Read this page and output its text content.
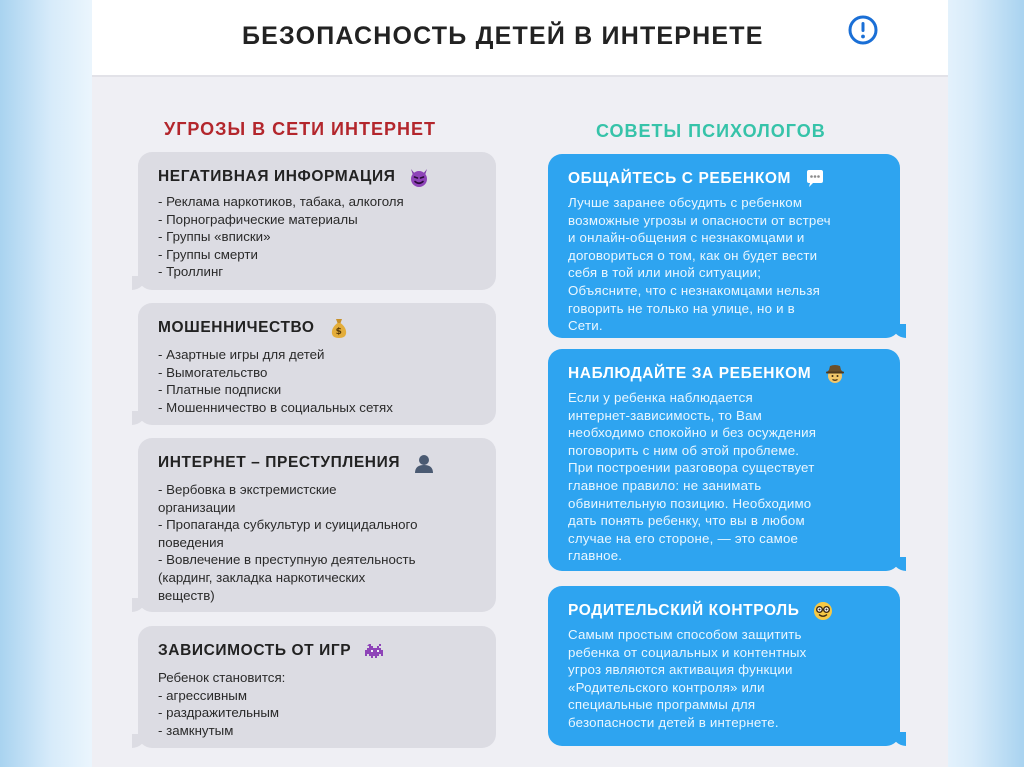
БЕЗОПАСНОСТЬ ДЕТЕЙ В ИНТЕРНЕТЕ
УГРОЗЫ В СЕТИ ИНТЕРНЕТ	СОВЕТЫ ПСИХОЛОГОВ
НЕГАТИВНАЯ ИНФОРМАЦИЯ
- Реклама наркотиков, табака, алкоголя
- Порнографические материалы
- Группы «вписки»
- Группы смерти
- Троллинг
МОШЕННИЧЕСТВО $
- Азартные игры для детей
- Вымогательство
- Платные подписки
- Мошенничество в социальных сетях
ИНТЕРНЕТ – ПРЕСТУПЛЕНИЯ
- Вербовка в экстремистские
организации
- Пропаганда субкультур и суицидального
поведения
- Вовлечение в преступную деятельность
(кардинг, закладка наркотических
веществ)
ЗАВИСИМОСТЬ ОТ ИГР
Ребенок становится:
- агрессивным
- раздражительным
- замкнутым
ОБЩАЙТЕСЬ С РЕБЕНКОМ
Лучше заранее обсудить с ребенком
возможные угрозы и опасности от встреч
и онлайн-общения с незнакомцами и
договориться о том, как он будет вести
себя в той или иной ситуации;
Объясните, что с незнакомцами нельзя
говорить не только на улице, но и в
Сети.
НАБЛЮДАЙТЕ ЗА РЕБЕНКОМ
Если у ребенка наблюдается
интернет-зависимость, то Вам
необходимо спокойно и без осуждения
поговорить с ним об этой проблеме.
При построении разговора существует
главное правило: не занимать
обвинительную позицию. Необходимо
дать понять ребенку, что вы в любом
случае на его стороне, — это самое
главное.
РОДИТЕЛЬСКИЙ КОНТРОЛЬ
Самым простым способом защитить
ребенка от социальных и контентных
угроз являются активация функции
«Родительского контроля» или
специальные программы для
безопасности детей в интернете.
